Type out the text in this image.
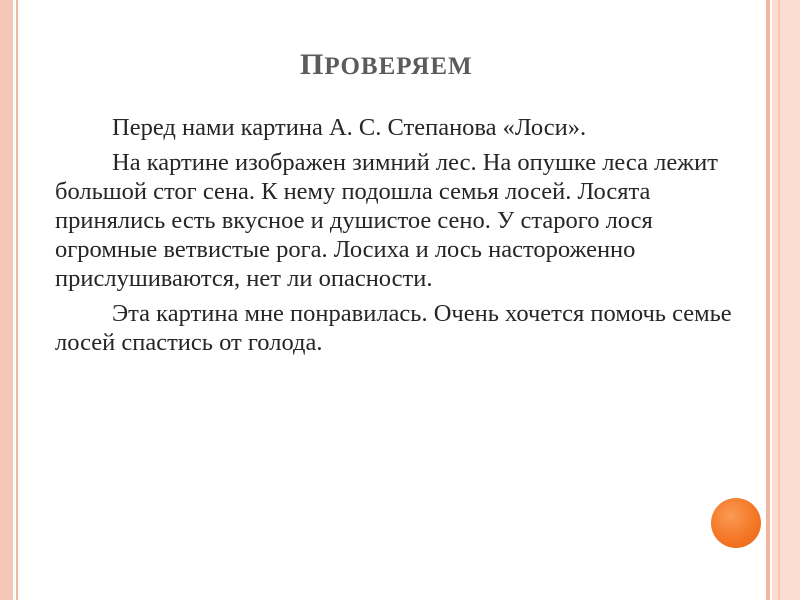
ПРОВЕРЯЕМ

Перед нами картина А. С. Степанова «Лоси».

На картине изображен зимний лес. На опушке леса лежит большой стог сена. К нему подошла семья лосей. Лосята принялись есть вкусное и душистое сено. У старого лося огромные ветвистые рога. Лосиха и лось настороженно прислушиваются, нет ли опасности.

Эта картина мне понравилась. Очень хочется помочь семье лосей спастись от голода.
